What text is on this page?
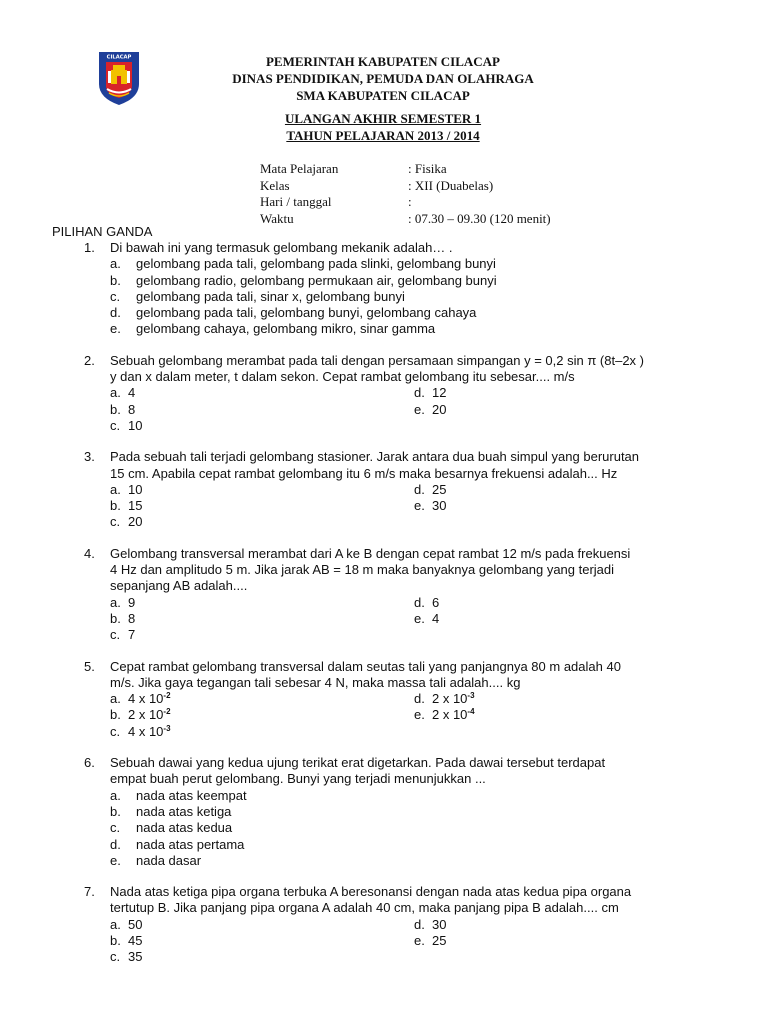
CILACAP	PEMERINTAH KABUPATEN CILACAP
DINAS PENDIDIKAN, PEMUDA DAN OLAHRAGA
SMA KABUPATEN CILACAP
ULANGAN AKHIR SEMESTER 1
TAHUN PELAJARAN 2013 / 2014
Mata Pelajaran	: Fisika
Kelas	: XII (Duabelas)
Hari / tanggal	:
Waktu	: 07.30 – 09.30 (120 menit)
PILIHAN GANDA
1. Di bawah ini yang termasuk gelombang mekanik adalah… .
a.	gelombang pada tali, gelombang pada slinki, gelombang bunyi
b.	gelombang radio, gelombang permukaan air, gelombang bunyi
c.	gelombang pada tali, sinar x, gelombang bunyi
d.	gelombang pada tali, gelombang bunyi, gelombang cahaya
e.	gelombang cahaya, gelombang mikro, sinar gamma
2. Sebuah gelombang merambat pada tali dengan persamaan simpangan y = 0,2 sin π (8t–2x )
y dan x dalam meter, t dalam sekon. Cepat rambat gelombang itu sebesar.... m/s
a. 4	d. 12
b. 8	e. 20
c. 10
3. Pada sebuah tali terjadi gelombang stasioner. Jarak antara dua buah simpul yang berurutan
15 cm. Apabila cepat rambat gelombang itu 6 m/s maka besarnya frekuensi adalah... Hz
a. 10	d. 25
b. 15	e. 30
c. 20
4. Gelombang transversal merambat dari A ke B dengan cepat rambat 12 m/s pada frekuensi
4 Hz dan amplitudo 5 m. Jika jarak AB = 18 m maka banyaknya gelombang yang terjadi
sepanjang AB adalah....
a. 9	d. 6
b. 8	e. 4
c. 7
5. Cepat rambat gelombang transversal dalam seutas tali yang panjangnya 80 m adalah 40
m/s. Jika gaya tegangan tali sebesar 4 N, maka massa tali adalah.... kg
a. 4 x $10^{-2}$	d. 2 x $10^{-3}$
b. 2 x $10^{-2}$	e. 2 x $10^{-4}$
c. 4 x $10^{-3}$
6. Sebuah dawai yang kedua ujung terikat erat digetarkan. Pada dawai tersebut terdapat
empat buah perut gelombang. Bunyi yang terjadi menunjukkan ...
a.	nada atas keempat
b.	nada atas ketiga
c.	nada atas kedua
d.	nada atas pertama
e.	nada dasar
7. Nada atas ketiga pipa organa terbuka A beresonansi dengan nada atas kedua pipa organa
tertutup B. Jika panjang pipa organa A adalah 40 cm, maka panjang pipa B adalah.... cm
a. 50	d. 30
b. 45	e. 25
c. 35
